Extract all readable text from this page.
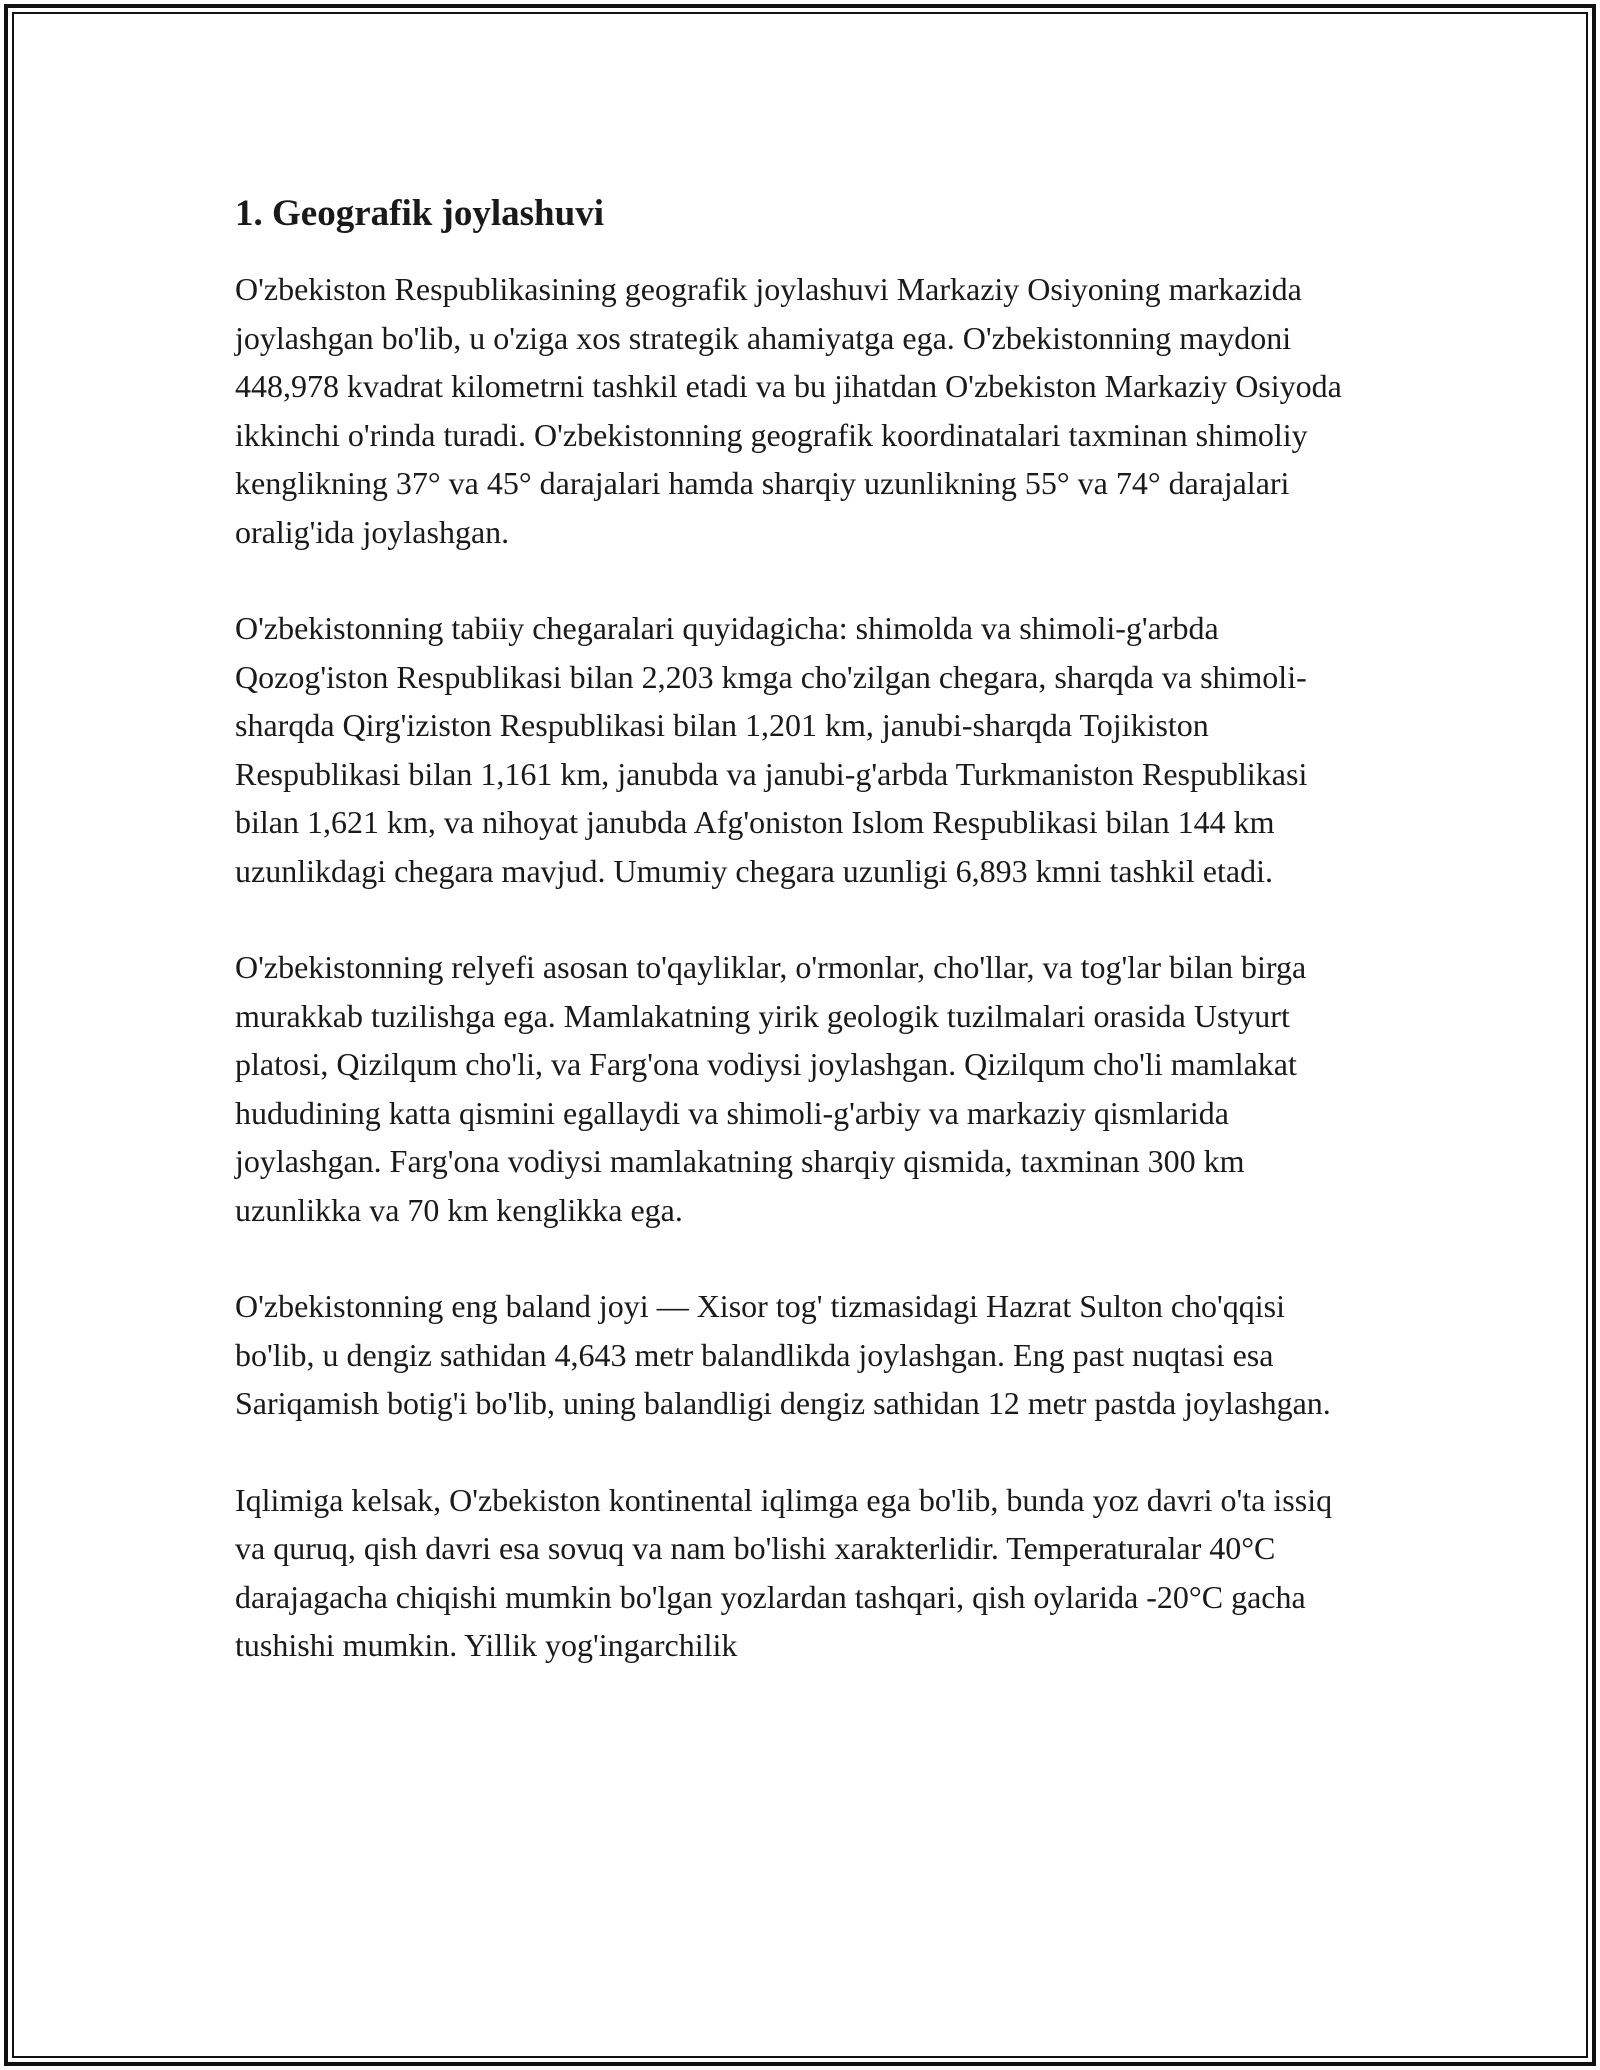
1. Geografik joylashuvi

O'zbekiston Respublikasining geografik joylashuvi Markaziy Osiyoning markazida joylashgan bo'lib, u o'ziga xos strategik ahamiyatga ega. O'zbekistonning maydoni 448,978 kvadrat kilometrni tashkil etadi va bu jihatdan O'zbekiston Markaziy Osiyoda ikkinchi o'rinda turadi. O'zbekistonning geografik koordinatalari taxminan shimoliy kenglikning 37° va 45° darajalari hamda sharqiy uzunlikning 55° va 74° darajalari oralig'ida joylashgan.

O'zbekistonning tabiiy chegaralari quyidagicha: shimolda va shimoli-g'arbda Qozog'iston Respublikasi bilan 2,203 kmga cho'zilgan chegara, sharqda va shimoli-sharqda Qirg'iziston Respublikasi bilan 1,201 km, janubi-sharqda Tojikiston Respublikasi bilan 1,161 km, janubda va janubi-g'arbda Turkmaniston Respublikasi bilan 1,621 km, va nihoyat janubda Afg'oniston Islom Respublikasi bilan 144 km uzunlikdagi chegara mavjud. Umumiy chegara uzunligi 6,893 kmni tashkil etadi.

O'zbekistonning relyefi asosan to'qayliklar, o'rmonlar, cho'llar, va tog'lar bilan birga murakkab tuzilishga ega. Mamlakatning yirik geologik tuzilmalari orasida Ustyurt platosi, Qizilqum cho'li, va Farg'ona vodiysi joylashgan. Qizilqum cho'li mamlakat hududining katta qismini egallaydi va shimoli-g'arbiy va markaziy qismlarida joylashgan. Farg'ona vodiysi mamlakatning sharqiy qismida, taxminan 300 km uzunlikka va 70 km kenglikka ega.

O'zbekistonning eng baland joyi — Xisor tog' tizmasidagi Hazrat Sulton cho'qqisi bo'lib, u dengiz sathidan 4,643 metr balandlikda joylashgan. Eng past nuqtasi esa Sariqamish botig'i bo'lib, uning balandligi dengiz sathidan 12 metr pastda joylashgan.

Iqlimiga kelsak, O'zbekiston kontinental iqlimga ega bo'lib, bunda yoz davri o'ta issiq va quruq, qish davri esa sovuq va nam bo'lishi xarakterlidir. Temperaturalar 40°C darajagacha chiqishi mumkin bo'lgan yozlardan tashqari, qish oylarida -20°C gacha tushishi mumkin. Yillik yog'ingarchilik
